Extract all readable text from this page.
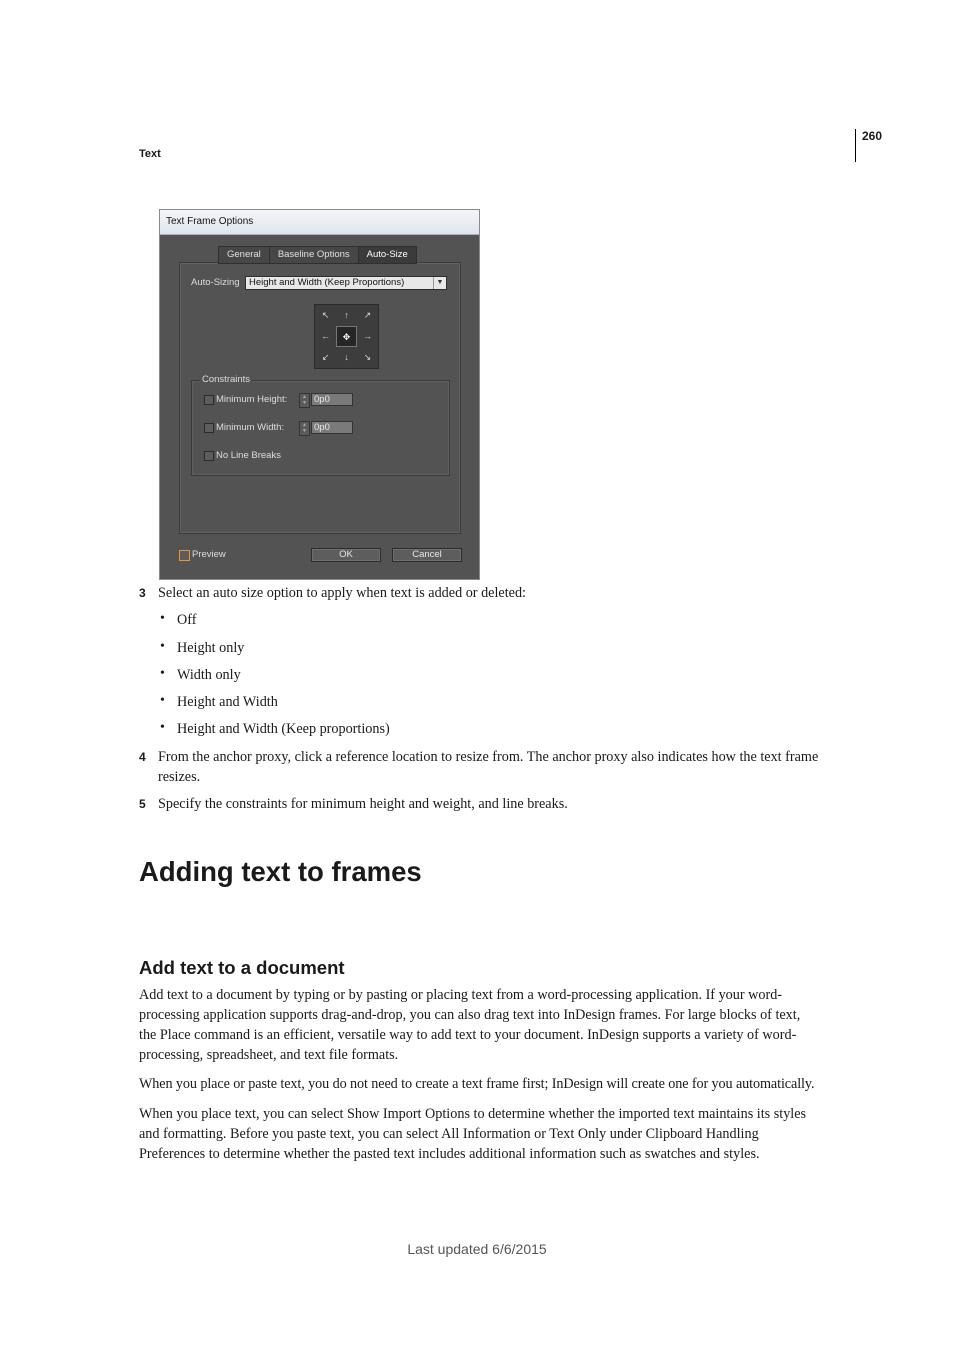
260
Text
Text Frame Options
General	Baseline Options	Auto-Size
Auto-Sizing Height and Width (Keep Proportions)	▼
↖	↑	↗
←	✥	→
↙	↓	↘
Constraints
Minimum Height:	▲
▼ 0p0
Minimum Width:	▲
▼ 0p0
No Line Breaks
Preview	OK	Cancel
3 Select an auto size option to apply when text is added or deleted:
• Off
• Height only
• Width only
• Height and Width
• Height and Width (Keep proportions)
4 From the anchor proxy, click a reference location to resize from. The anchor proxy also indicates how the text frame
resizes.
5 Specify the constraints for minimum height and weight, and line breaks.
Adding text to frames
Add text to a document
Add text to a document by typing or by pasting or placing text from a word-processing application. If your word-
processing application supports drag-and-drop, you can also drag text into InDesign frames. For large blocks of text,
the Place command is an efficient, versatile way to add text to your document. InDesign supports a variety of word-
processing, spreadsheet, and text file formats.
When you place or paste text, you do not need to create a text frame first; InDesign will create one for you automatically.
When you place text, you can select Show Import Options to determine whether the imported text maintains its styles
and formatting. Before you paste text, you can select All Information or Text Only under Clipboard Handling
Preferences to determine whether the pasted text includes additional information such as swatches and styles.
Last updated 6/6/2015
